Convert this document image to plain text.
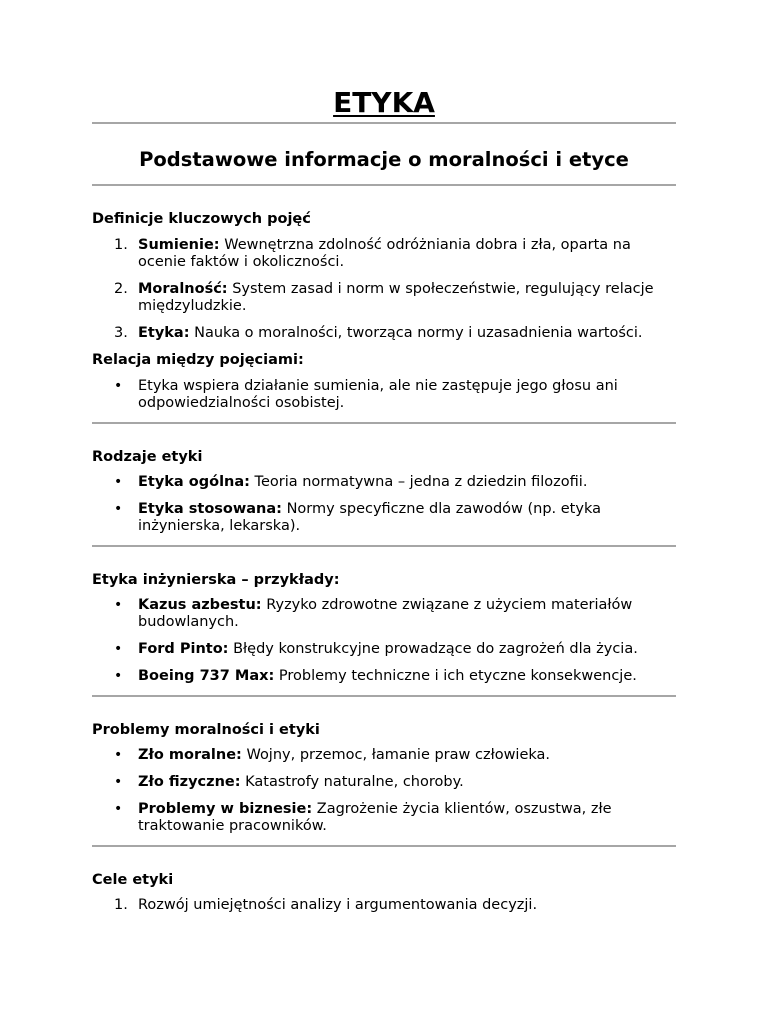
ETYKA
Podstawowe informacje o moralności i etyce

Definicje kluczowych pojęć

1. Sumienie: Wewnętrzna zdolność odróżniania dobra i zła, oparta na ocenie faktów i okoliczności.
2. Moralność: System zasad i norm w społeczeństwie, regulujący relacje międzyludzkie.
3. Etyka: Nauka o moralności, tworząca normy i uzasadnienia wartości.

Relacja między pojęciami:

• Etyka wspiera działanie sumienia, ale nie zastępuje jego głosu ani odpowiedzialności osobistej.

Rodzaje etyki

• Etyka ogólna: Teoria normatywna – jedna z dziedzin filozofii.
• Etyka stosowana: Normy specyficzne dla zawodów (np. etyka inżynierska, lekarska).

Etyka inżynierska – przykłady:

• Kazus azbestu: Ryzyko zdrowotne związane z użyciem materiałów budowlanych.
• Ford Pinto: Błędy konstrukcyjne prowadzące do zagrożeń dla życia.
• Boeing 737 Max: Problemy techniczne i ich etyczne konsekwencje.

Problemy moralności i etyki

• Zło moralne: Wojny, przemoc, łamanie praw człowieka.
• Zło fizyczne: Katastrofy naturalne, choroby.
• Problemy w biznesie: Zagrożenie życia klientów, oszustwa, złe traktowanie pracowników.

Cele etyki

1. Rozwój umiejętności analizy i argumentowania decyzji.
